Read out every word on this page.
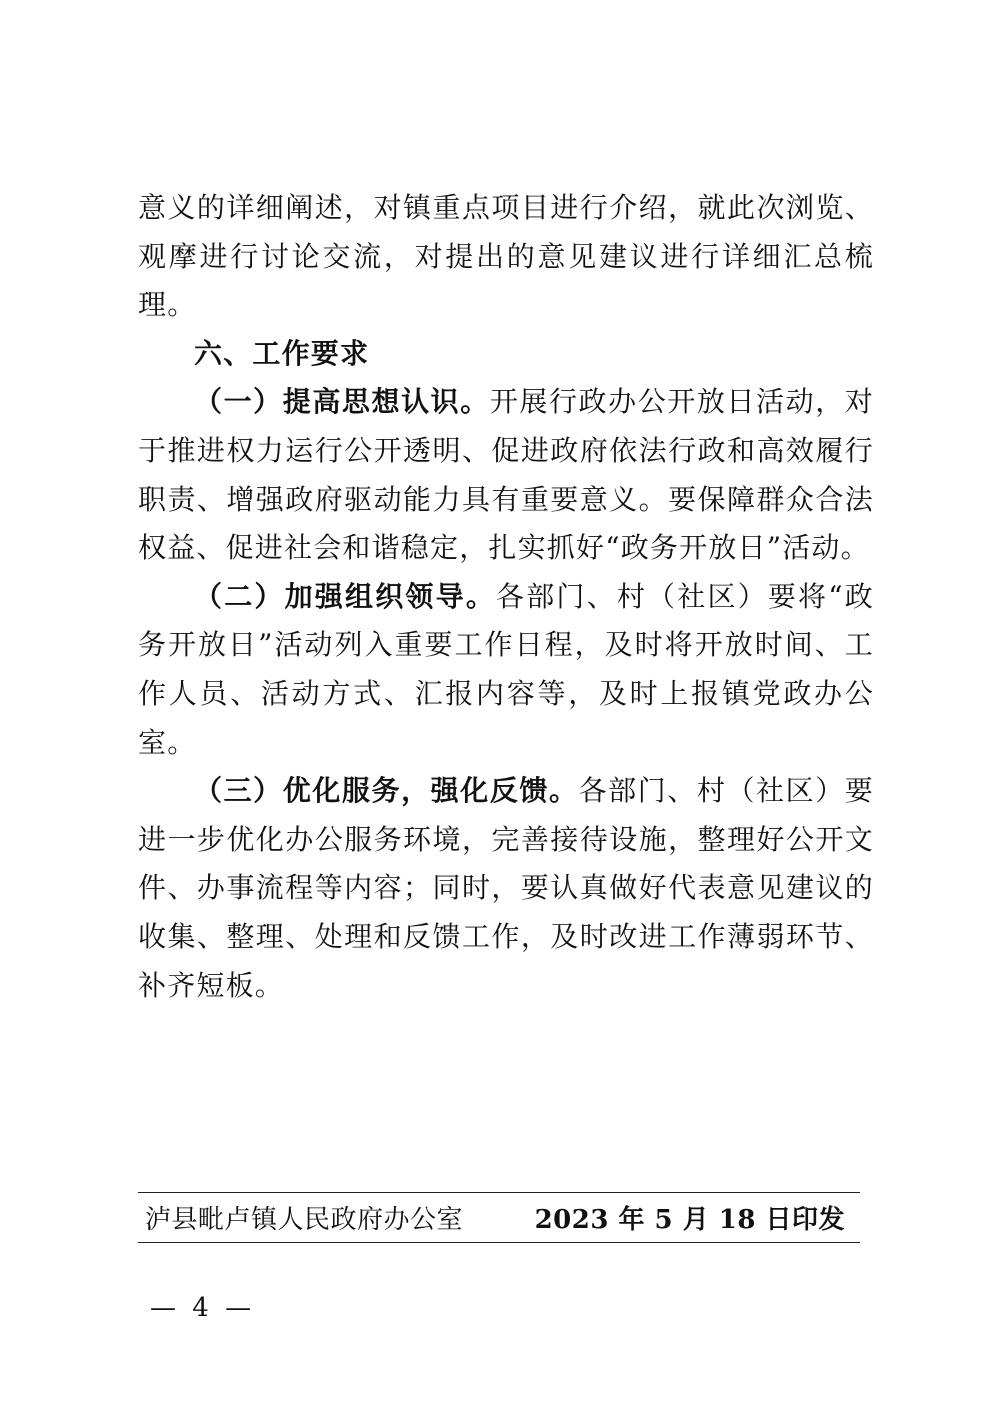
意义的详细阐述，对镇重点项目进行介绍，就此次浏览、观摩进行讨论交流，对提出的意见建议进行详细汇总梳理。

六、工作要求

（一）提高思想认识。开展行政办公开放日活动，对于推进权力运行公开透明、促进政府依法行政和高效履行职责、增强政府驱动能力具有重要意义。要保障群众合法权益、促进社会和谐稳定，扎实抓好“政务开放日”活动。

（二）加强组织领导。各部门、村（社区）要将“政务开放日”活动列入重要工作日程，及时将开放时间、工作人员、活动方式、汇报内容等，及时上报镇党政办公室。

（三）优化服务，强化反馈。各部门、村（社区）要进一步优化办公服务环境，完善接待设施，整理好公开文件、办事流程等内容；同时，要认真做好代表意见建议的收集、整理、处理和反馈工作，及时改进工作薄弱环节、补齐短板。

泸县毗卢镇人民政府办公室	2023 年 5 月 18 日印发
— 4 —
